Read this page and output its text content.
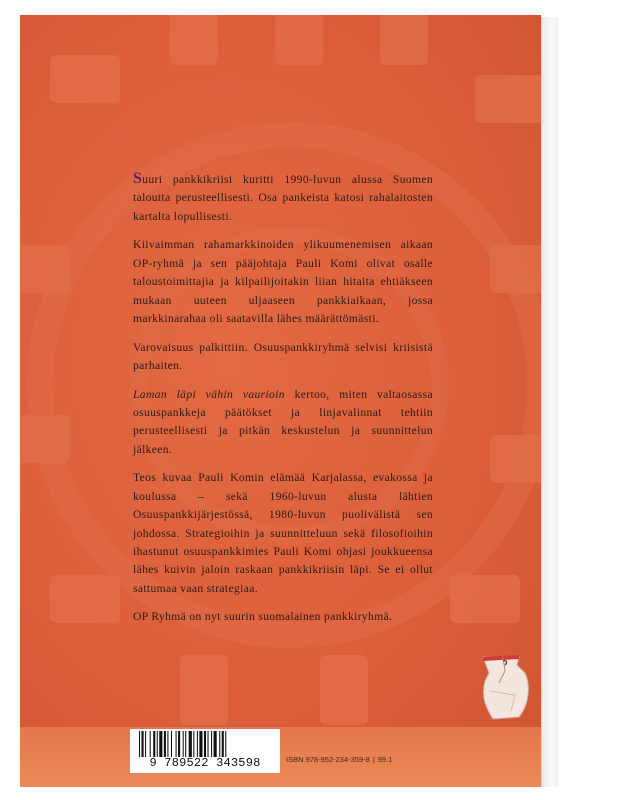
Suuri pankkikriisi kuritti 1990-luvun alussa Suomen taloutta perusteellisesti. Osa pankeista katosi rahalaitosten kartalta lopullisesti.

Kiivaimman rahamarkkinoiden ylikuumenemisen aikaan OP-ryhmä ja sen pääjohtaja Pauli Komi olivat osalle taloustoimittajia ja kilpailijoitakin liian hitaita ehtiäkseen mukaan uuteen uljaaseen pankkiaikaan, jossa markkinarahaa oli saatavilla lähes määrättömästi.

Varovaisuus palkittiin. Osuuspankkiryhmä selvisi kriisistä parhaiten.

Laman läpi vähin vaurioin kertoo, miten valtaosassa osuuspankkeja päätökset ja linjavalinnat tehtiin perusteellisesti ja pitkän keskustelun ja suunnittelun jälkeen.

Teos kuvaa Pauli Komin elämää Karjalassa, evakossa ja koulussa – sekä 1960-luvun alusta lähtien Osuuspankkijärjestössä, 1980-luvun puolivälistä sen johdossa. Strategioihin ja suunnitteluun sekä filosofioihin ihastunut osuuspankkimies Pauli Komi ohjasi joukkueensa lähes kuivin jaloin raskaan pankkikriisin läpi. Se ei ollut sattumaa vaan strategiaa.

OP Ryhmä on nyt suurin suomalainen pankkiryhmä.

9 789522 343598	ISBN 978-952-234-359-8 | 99.1
